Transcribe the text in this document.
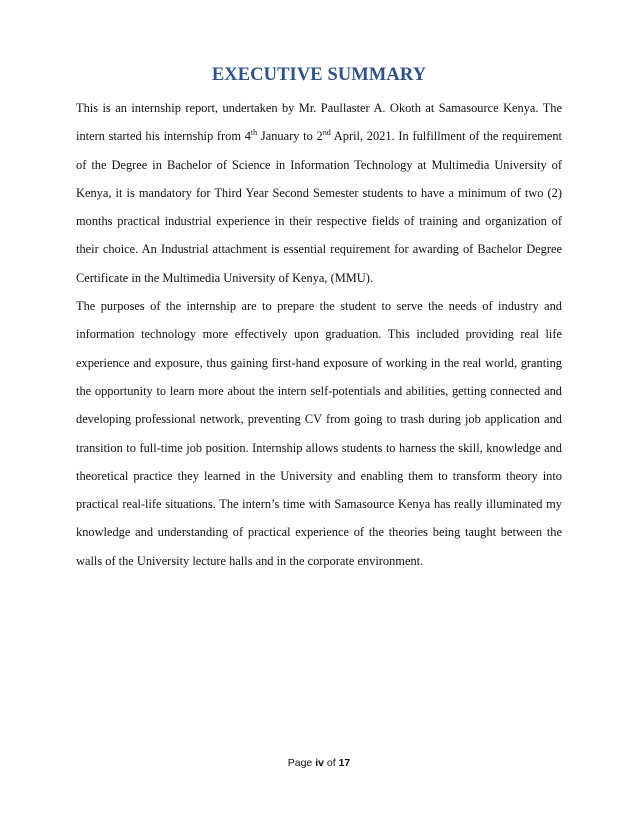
EXECUTIVE SUMMARY

This is an internship report, undertaken by Mr. Paullaster A. Okoth at Samasource Kenya. The intern started his internship from 4th January to 2nd April, 2021. In fulfillment of the requirement of the Degree in Bachelor of Science in Information Technology at Multimedia University of Kenya, it is mandatory for Third Year Second Semester students to have a minimum of two (2) months practical industrial experience in their respective fields of training and organization of their choice. An Industrial attachment is essential requirement for awarding of Bachelor Degree Certificate in the Multimedia University of Kenya, (MMU).

The purposes of the internship are to prepare the student to serve the needs of industry and information technology more effectively upon graduation. This included providing real life experience and exposure, thus gaining first-hand exposure of working in the real world, granting the opportunity to learn more about the intern self-potentials and abilities, getting connected and developing professional network, preventing CV from going to trash during job application and transition to full-time job position. Internship allows students to harness the skill, knowledge and theoretical practice they learned in the University and enabling them to transform theory into practical real-life situations. The intern’s time with Samasource Kenya has really illuminated my knowledge and understanding of practical experience of the theories being taught between the walls of the University lecture halls and in the corporate environment.

Page iv of 17
